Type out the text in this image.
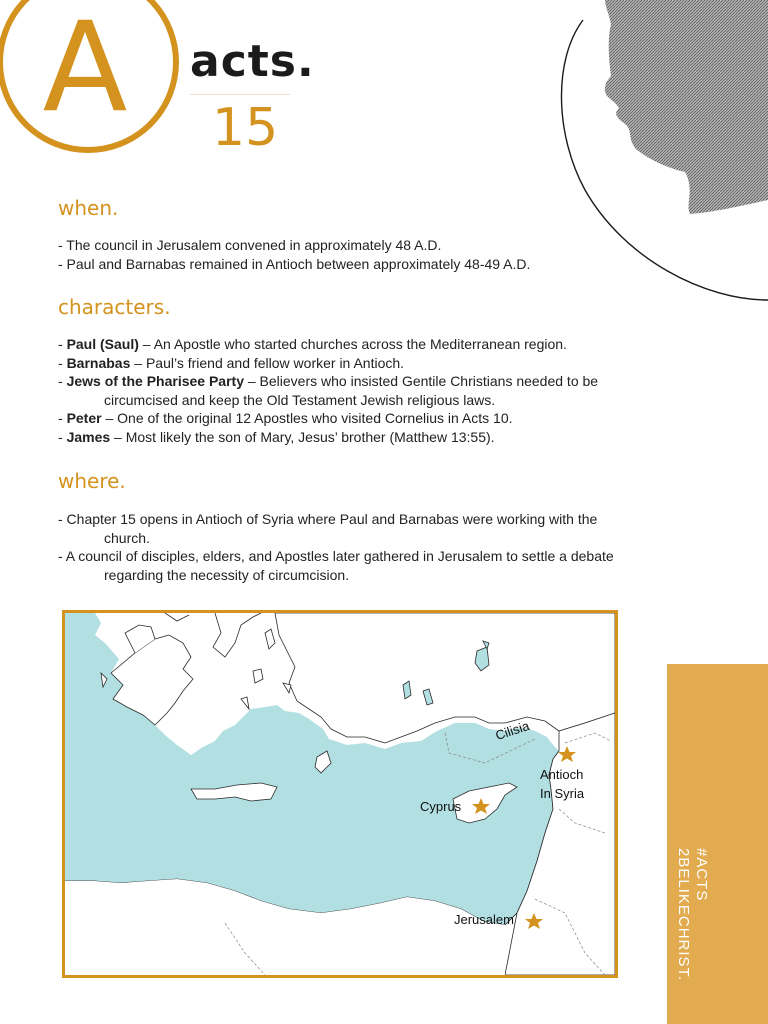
A acts.
15
when.
- The council in Jerusalem convened in approximately 48 A.D.
- Paul and Barnabas remained in Antioch between approximately 48-49 A.D.
characters.
- Paul (Saul) – An Apostle who started churches across the Mediterranean region.
- Barnabas – Paul’s friend and fellow worker in Antioch.
- Jews of the Pharisee Party – Believers who insisted Gentile Christians needed to be
circumcised and keep the Old Testament Jewish religious laws.
- Peter – One of the original 12 Apostles who visited Cornelius in Acts 10.
- James – Most likely the son of Mary, Jesus’ brother (Matthew 13:55).
where.
- Chapter 15 opens in Antioch of Syria where Paul and Barnabas were working with the
church.
- A council of disciples, elders, and Apostles later gathered in Jerusalem to settle a debate
regarding the necessity of circumcision.
Cilisia
Antioch
In Syria
Cyprus
Jerusalem
#ACTS
2BELIKECHRIST.
